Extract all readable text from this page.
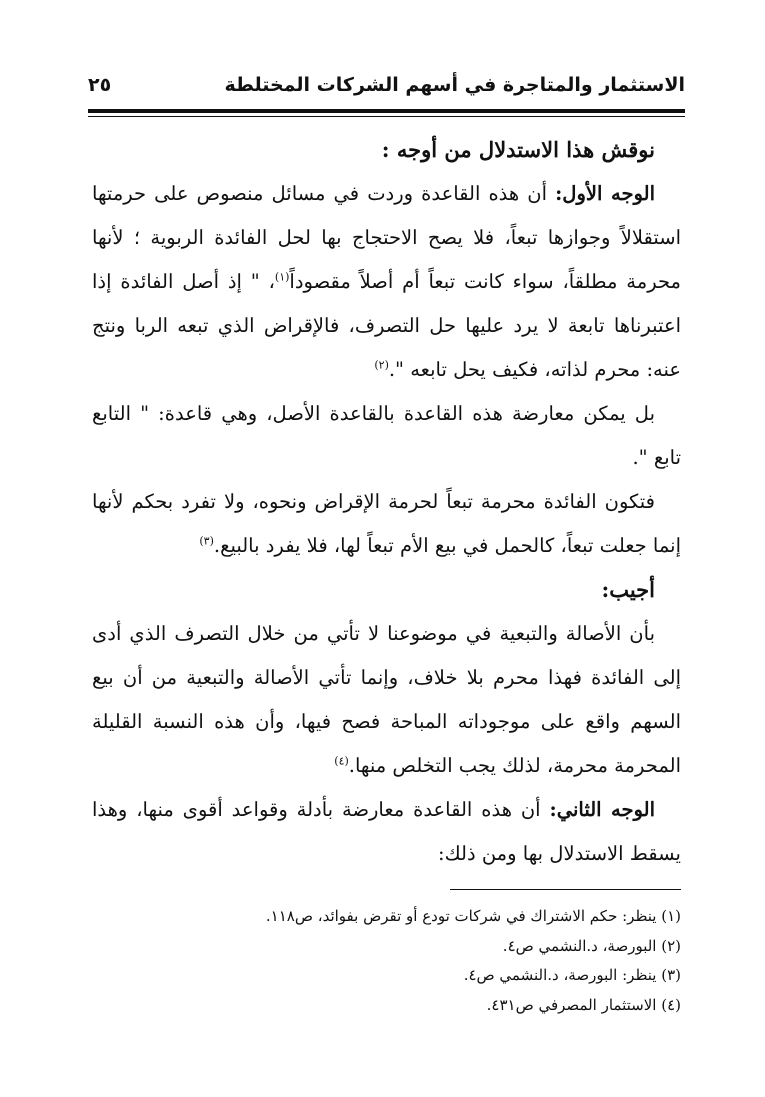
الاستثمار والمتاجرة في أسهم الشركات المختلطة
٢٥

نوقش هذا الاستدلال من أوجه :

الوجه الأول: أن هذه القاعدة وردت في مسائل منصوص على حرمتها استقلالاً وجوازها تبعاً، فلا يصح الاحتجاج بها لحل الفائدة الربوية ؛ لأنها محرمة مطلقاً، سواء كانت تبعاً أم أصلاً مقصوداً$^{(١)}$، " إذ أصل الفائدة إذا اعتبرناها تابعة لا يرد عليها حل التصرف، فالإقراض الذي تبعه الربا ونتج عنه: محرم لذاته، فكيف يحل تابعه ".$^{(٢)}$

بل يمكن معارضة هذه القاعدة بالقاعدة الأصل، وهي قاعدة: " التابع تابع ".

فتكون الفائدة محرمة تبعاً لحرمة الإقراض ونحوه، ولا تفرد بحكم لأنها إنما جعلت تبعاً، كالحمل في بيع الأم تبعاً لها، فلا يفرد بالبيع.$^{(٣)}$

أجيب:

بأن الأصالة والتبعية في موضوعنا لا تأتي من خلال التصرف الذي أدى إلى الفائدة فهذا محرم بلا خلاف، وإنما تأتي الأصالة والتبعية من أن بيع السهم واقع على موجوداته المباحة فصح فيها، وأن هذه النسبة القليلة المحرمة محرمة، لذلك يجب التخلص منها.$^{(٤)}$

الوجه الثاني: أن هذه القاعدة معارضة بأدلة وقواعد أقوى منها، وهذا يسقط الاستدلال بها ومن ذلك:

(١) ينظر: حكم الاشتراك في شركات تودع أو تقرض بفوائد، ص١١٨.
(٢) البورصة، د.النشمي ص٤.
(٣) ينظر: البورصة، د.النشمي ص٤.
(٤) الاستثمار المصرفي ص٤٣١.
